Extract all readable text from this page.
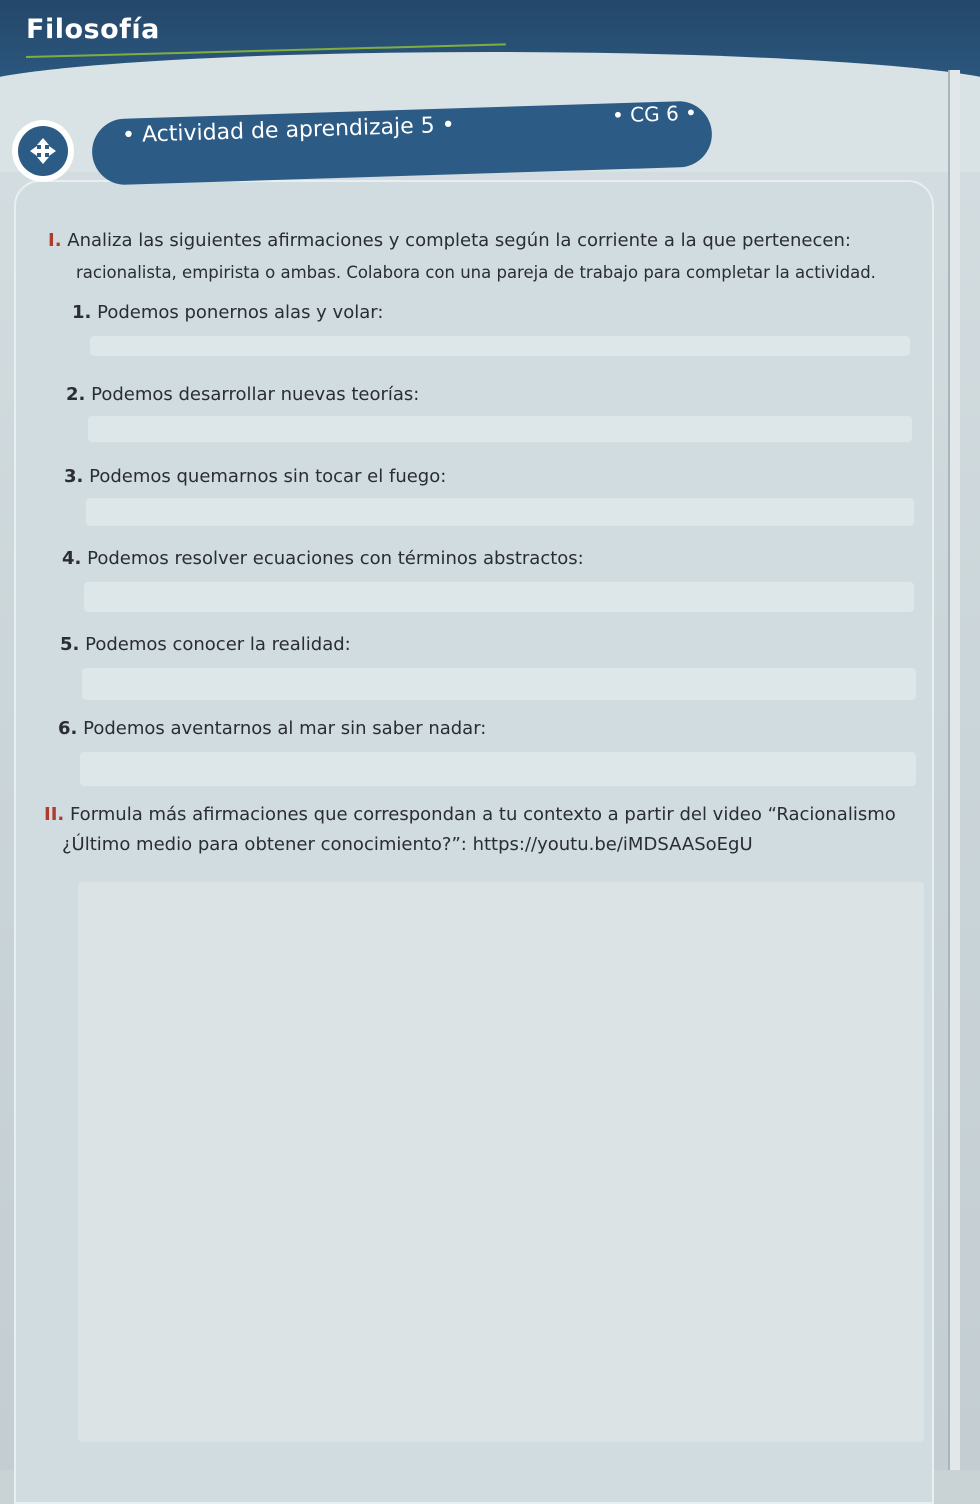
Filosofía
• Actividad de aprendizaje 5 •	• CG 6 •
I. Analiza las siguientes afirmaciones y completa según la corriente a la que pertenecen:
racionalista, empirista o ambas. Colabora con una pareja de trabajo para completar la actividad.
1. Podemos ponernos alas y volar:
2. Podemos desarrollar nuevas teorías:
3. Podemos quemarnos sin tocar el fuego:
4. Podemos resolver ecuaciones con términos abstractos:
5. Podemos conocer la realidad:
6. Podemos aventarnos al mar sin saber nadar:
II. Formula más afirmaciones que correspondan a tu contexto a partir del video “Racionalismo
¿Último medio para obtener conocimiento?”: https://youtu.be/iMDSAASoEgU
